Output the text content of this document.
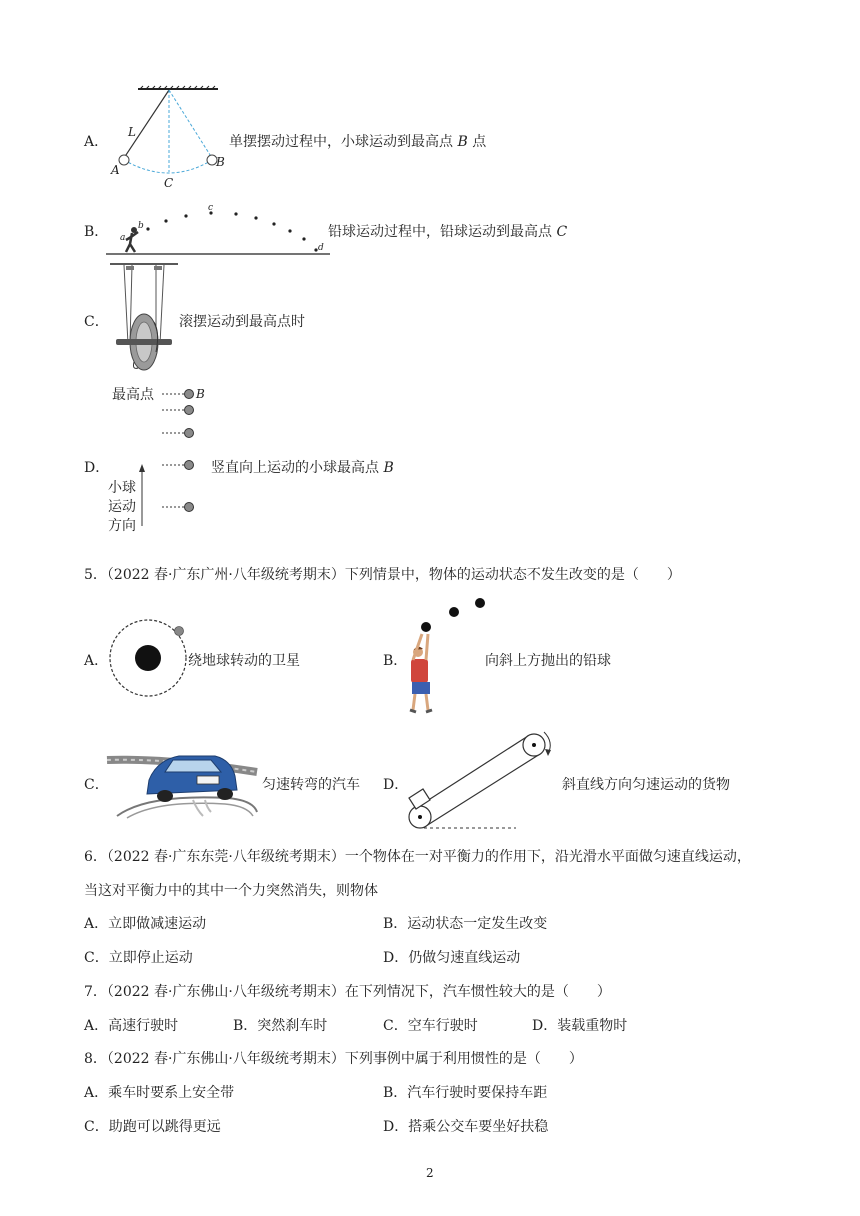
A．
L
A
C
B
单摆摆动过程中，小球运动到最高点 B 点
B． a
b
c
d
铅球运动过程中，铅球运动到最高点 C
C．	滚摆运动到最高点时
最高点	B
D．
小球
运动
方向
竖直向上运动的小球最高点 B
5．（2022 春·广东广州·八年级统考期末）下列情景中，物体的运动状态不发生改变的是（　　）
A．	绕地球转动的卫星	B．	向斜上方抛出的铅球
C．	匀速转弯的汽车 D．	斜直线方向匀速运动的货物
6．（2022 春·广东东莞·八年级统考期末）一个物体在一对平衡力的作用下，沿光滑水平面做匀速直线运动，
当这对平衡力中的其中一个力突然消失，则物体
A．立即做减速运动	B．运动状态一定发生改变
C．立即停止运动	D．仍做匀速直线运动
7．（2022 春·广东佛山·八年级统考期末）在下列情况下，汽车惯性较大的是（　　）
A．高速行驶时	B．突然刹车时	C．空车行驶时	D．装载重物时
8．（2022 春·广东佛山·八年级统考期末）下列事例中属于利用惯性的是（　　）
A．乘车时要系上安全带	B．汽车行驶时要保持车距
C．助跑可以跳得更远	D．搭乘公交车要坐好扶稳
2
